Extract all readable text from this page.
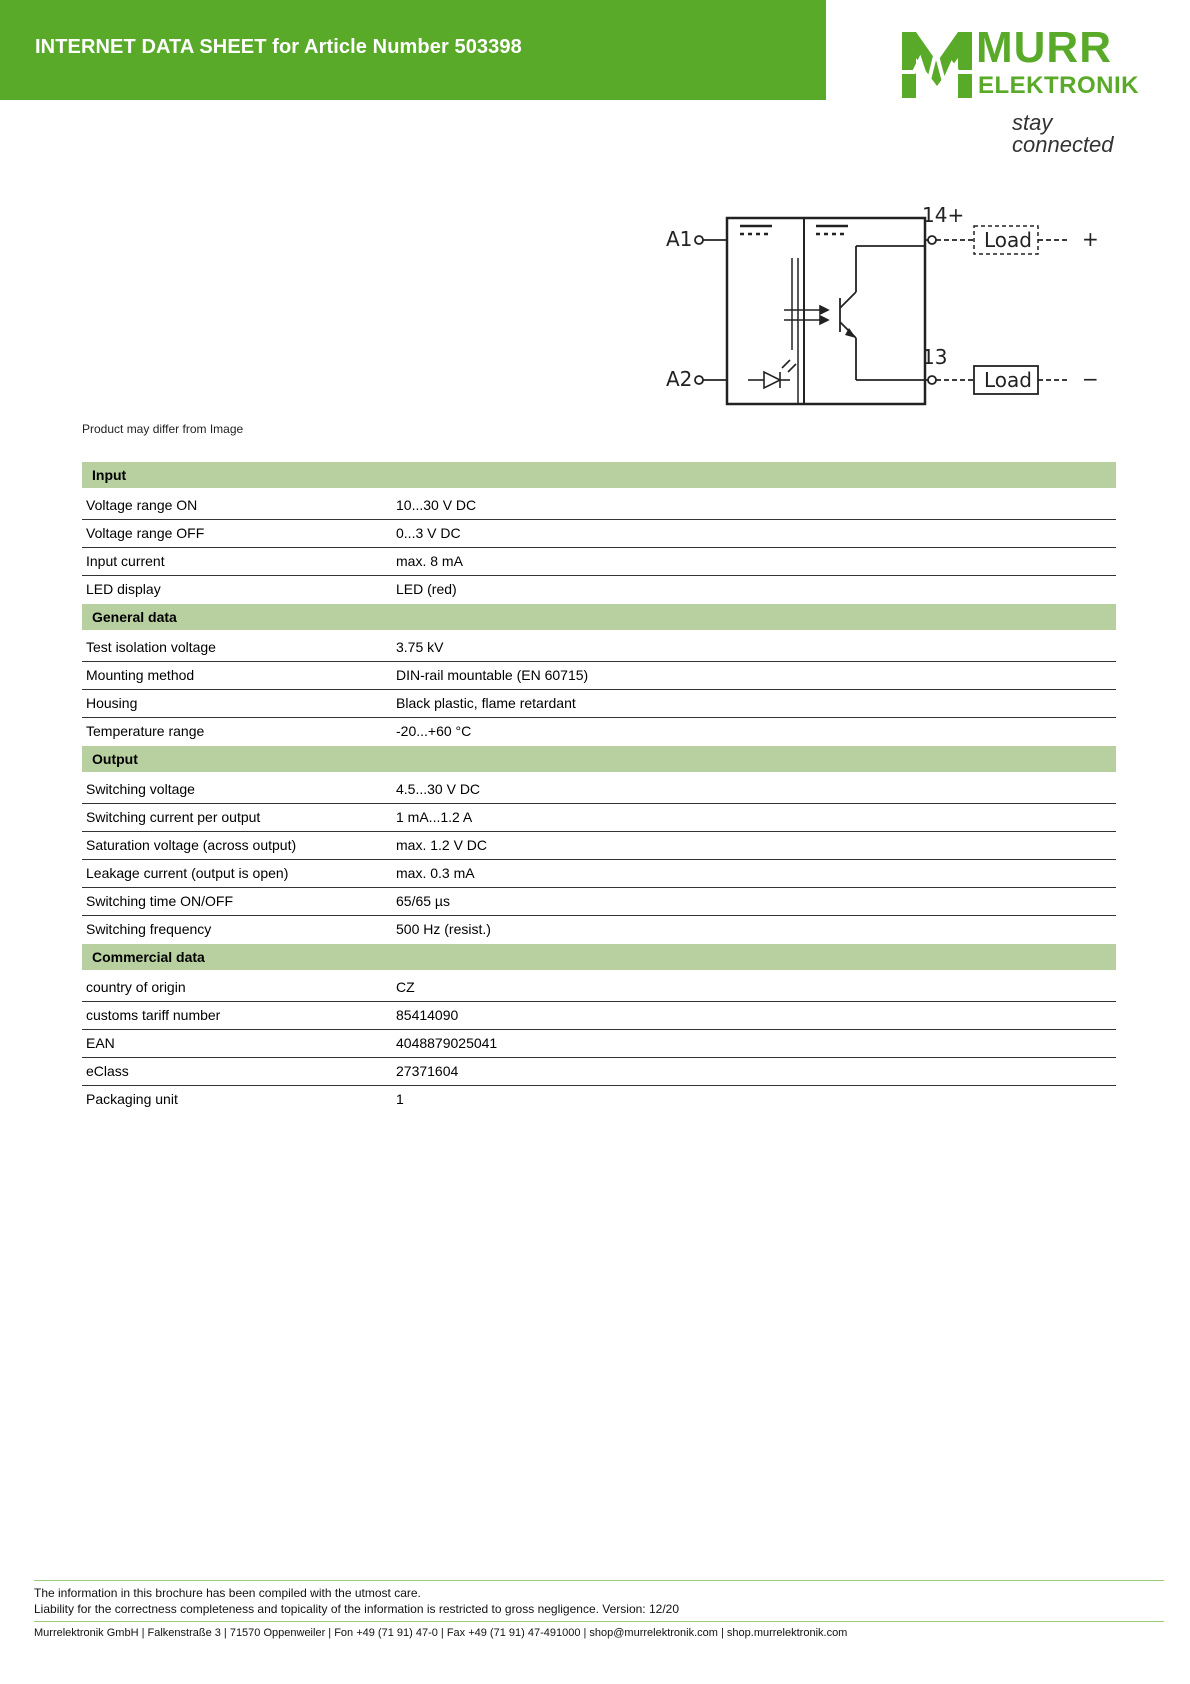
INTERNET DATA SHEET for Article Number 503398	MURR
ELEKTRONIK
stay connected
A1
A2
14+
Load	+
13
Load	−
Product may differ from Image
Input
Voltage range ON	10...30 V DC
Voltage range OFF	0...3 V DC
Input current	max. 8 mA
LED display	LED (red)
General data
Test isolation voltage	3.75 kV
Mounting method	DIN-rail mountable (EN 60715)
Housing	Black plastic, flame retardant
Temperature range	-20...+60 °C
Output
Switching voltage	4.5...30 V DC
Switching current per output	1 mA...1.2 A
Saturation voltage (across output)	max. 1.2 V DC
Leakage current (output is open)	max. 0.3 mA
Switching time ON/OFF	65/65 µs
Switching frequency	500 Hz (resist.)
Commercial data
country of origin	CZ
customs tariff number	85414090
EAN	4048879025041
eClass	27371604
Packaging unit	1
The information in this brochure has been compiled with the utmost care.
Liability for the correctness completeness and topicality of the information is restricted to gross negligence. Version: 12/20
Murrelektronik GmbH | Falkenstraße 3 | 71570 Oppenweiler | Fon +49 (71 91) 47-0 | Fax +49 (71 91) 47-491000 | shop@murrelektronik.com | shop.murrelektronik.com
